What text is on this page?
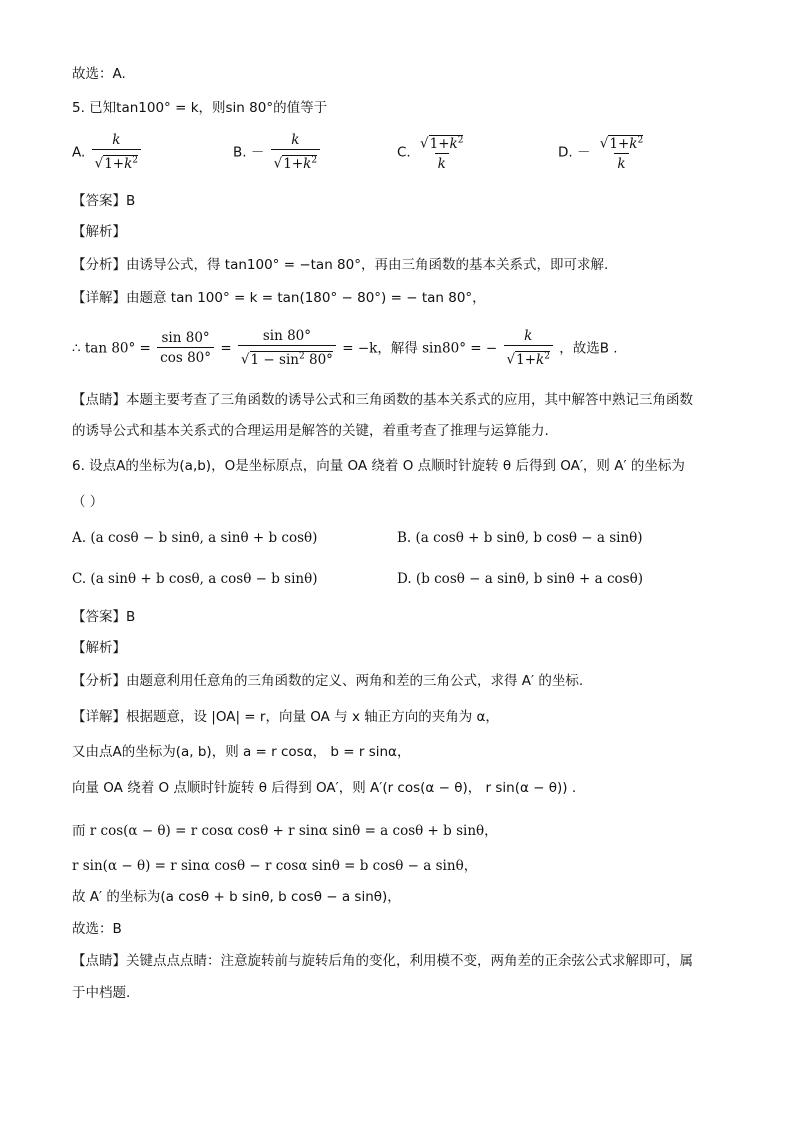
故选：A.
5. 已知tan100° = k，则sin 80°的值等于
A. $\frac{k}{√1+k^2}$	B. － $\frac{k}{√1+k^2}$	C. $\frac{√1+k^2}{k}$	D. － $\frac{√1+k^2}{k}$
【答案】B
【解析】
【分析】由诱导公式，得 tan100° = −tan 80°，再由三角函数的基本关系式，即可求解.
【详解】由题意 tan 100° = k = tan(180° − 80°) = − tan 80°，
∴ $\tan 80^\circ = \frac{\sin 80^\circ}{\cos 80^\circ} = \frac{\sin 80^\circ}{√1 - \sin^2 80^\circ} = -k$，解得 sin80° = − $\frac{k}{√1+k^2}$ ，故选B .
【点睛】本题主要考查了三角函数的诱导公式和三角函数的基本关系式的应用，其中解答中熟记三角函数
的诱导公式和基本关系式的合理运用是解答的关键，着重考查了推理与运算能力.
6. 设点A的坐标为(a,b)，O是坐标原点，向量 OA 绕着 O 点顺时针旋转 θ 后得到 OA′，则 A′ 的坐标为
（ ）
A. (a cosθ − b sinθ, a sinθ + b cosθ)	B. (a cosθ + b sinθ, b cosθ − a sinθ)
C. (a sinθ + b cosθ, a cosθ − b sinθ)	D. (b cosθ − a sinθ, b sinθ + a cosθ)
【答案】B
【解析】
【分析】由题意利用任意角的三角函数的定义、两角和差的三角公式，求得 A′ 的坐标.
【详解】根据题意，设 |OA| = r，向量 OA 与 x 轴正方向的夹角为 α，
又由点A的坐标为(a, b)，则 a = r cosα， b = r sinα，
向量 OA 绕着 O 点顺时针旋转 θ 后得到 OA′，则 A′(r cos(α − θ)， r sin(α − θ)) .
而 r cos(α − θ) = r cosα cosθ + r sinα sinθ = a cosθ + b sinθ，
r sin(α − θ) = r sinα cosθ − r cosα sinθ = b cosθ − a sinθ，
故 A′ 的坐标为(a cosθ + b sinθ, b cosθ − a sinθ)，
故选：B
【点睛】关键点点点睛：注意旋转前与旋转后角的变化，利用模不变，两角差的正余弦公式求解即可，属
于中档题.
